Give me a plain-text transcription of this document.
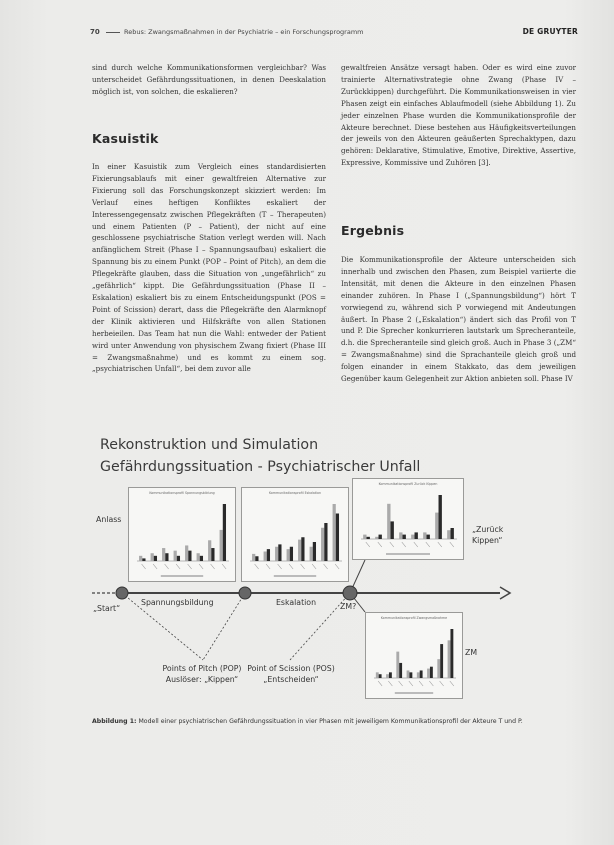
70	Rebus: Zwangsmaßnahmen in der Psychiatrie – ein Forschungsprogramm	DE GRUYTER

sind durch welche Kommunikationsformen vergleichbar? Was unterscheidet Gefährdungssituationen, in denen Deeskalation möglich ist, von solchen, die eskalieren?

Kasuistik

In einer Kasuistik zum Vergleich eines standardisierten Fixierungsablaufs mit einer gewaltfreien Alternative zur Fixierung soll das Forschungskonzept skizziert werden: Im Verlauf eines heftigen Konfliktes eskaliert der Interessengegensatz zwischen Pflegekräften (T – Therapeuten) und einem Patienten (P – Patient), der nicht auf eine geschlossene psychiatrische Station verlegt werden will. Nach anfänglichem Streit (Phase I – Spannungsaufbau) eskaliert die Spannung bis zu einem Punkt (POP – Point of Pitch), an dem die Pflegekräfte glauben, dass die Situation von „ungefährlich“ zu „gefährlich“ kippt. Die Gefährdungssituation (Phase II – Eskalation) eskaliert bis zu einem Entscheidungspunkt (POS = Point of Scission) derart, dass die Pflegekräfte den Alarmknopf der Klinik aktivieren und Hilfskräfte von allen Stationen herbeieilen. Das Team hat nun die Wahl: entweder der Patient wird unter Anwendung von physischem Zwang fixiert (Phase III = Zwangsmaßnahme) und es kommt zu einem sog. „psychiatrischen Unfall“, bei dem zuvor alle

gewaltfreien Ansätze versagt haben. Oder es wird eine zuvor trainierte Alternativstrategie ohne Zwang (Phase IV – Zurückkippen) durchgeführt. Die Kommunikationsweisen in vier Phasen zeigt ein einfaches Ablaufmodell (siehe Abbildung 1). Zu jeder einzelnen Phase wurden die Kommunikationsprofile der Akteure berechnet. Diese bestehen aus Häufigkeitsverteilungen der jeweils von den Akteuren geäußerten Sprechaktypen, dazu gehören: Deklarative, Stimulative, Emotive, Direktive, Assertive, Expressive, Kommissive und Zuhören [3].

Ergebnis

Die Kommunikationsprofile der Akteure unterscheiden sich innerhalb und zwischen den Phasen, zum Beispiel variierte die Intensität, mit denen die Akteure in den einzelnen Phasen einander zuhören. In Phase I („Spannungsbildung“) hört T vorwiegend zu, während sich P vorwiegend mit Andeutungen äußert. In Phase 2 („Eskalation“) ändert sich das Profil von T und P. Die Sprecher konkurrieren lautstark um Sprecheranteile, d.h. die Sprecheranteile sind gleich groß. Auch in Phase 3 („ZM“ = Zwangsmaßnahme) sind die Sprachanteile gleich groß und folgen einander in einem Stakkato, das dem jeweiligen Gegenüber kaum Gelegenheit zur Aktion anbieten soll. Phase IV

Rekonstruktion und Simulation
Gefährdungssituation - Psychiatrischer Unfall
Kommunikationsprofil Spannungsbildung	Kommunikationsprofil Eskalation
Kommunikationsprofil Zurück Kippen
Kommunikationsprofil Zwangsmaßnahme
Anlass
„Start“
Spannungsbildung	Eskalation	ZM?
ZM
„Zurück
Kippen“
Points of Pitch (POP)
Auslöser: „Kippen“
Point of Scission (POS)
„Entscheiden“
Abbildung 1: Modell einer psychiatrischen Gefährdungssituation in vier Phasen mit jeweiligem Kommunikationsprofil der Akteure T und P.
